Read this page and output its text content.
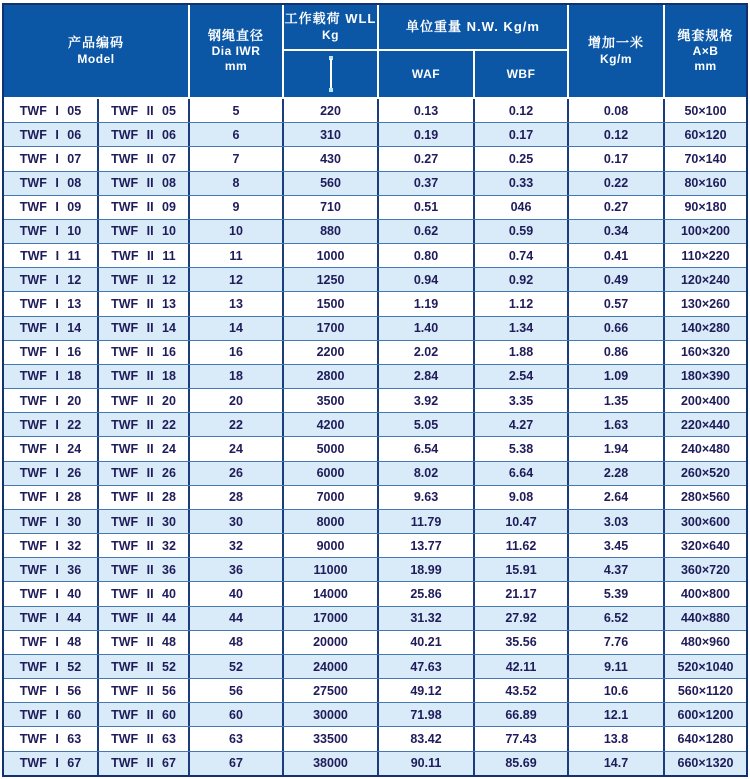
产品编码
Model
钢绳直径
Dia IWR
mm
工作载荷 WLL
Kg
单位重量 N.W. Kg/m
WAF	WBF
增加一米
Kg/m
绳套规格
A×B
mm
TWF I 05	TWF II 05	5	220	0.13	0.12	0.08	50×100
TWF I 06	TWF II 06	6	310	0.19	0.17	0.12	60×120
TWF I 07	TWF II 07	7	430	0.27	0.25	0.17	70×140
TWF I 08	TWF II 08	8	560	0.37	0.33	0.22	80×160
TWF I 09	TWF II 09	9	710	0.51	046	0.27	90×180
TWF I 10	TWF II 10	10	880	0.62	0.59	0.34	100×200
TWF I 11	TWF II 11	11	1000	0.80	0.74	0.41	110×220
TWF I 12	TWF II 12	12	1250	0.94	0.92	0.49	120×240
TWF I 13	TWF II 13	13	1500	1.19	1.12	0.57	130×260
TWF I 14	TWF II 14	14	1700	1.40	1.34	0.66	140×280
TWF I 16	TWF II 16	16	2200	2.02	1.88	0.86	160×320
TWF I 18	TWF II 18	18	2800	2.84	2.54	1.09	180×390
TWF I 20	TWF II 20	20	3500	3.92	3.35	1.35	200×400
TWF I 22	TWF II 22	22	4200	5.05	4.27	1.63	220×440
TWF I 24	TWF II 24	24	5000	6.54	5.38	1.94	240×480
TWF I 26	TWF II 26	26	6000	8.02	6.64	2.28	260×520
TWF I 28	TWF II 28	28	7000	9.63	9.08	2.64	280×560
TWF I 30	TWF II 30	30	8000	11.79	10.47	3.03	300×600
TWF I 32	TWF II 32	32	9000	13.77	11.62	3.45	320×640
TWF I 36	TWF II 36	36	11000	18.99	15.91	4.37	360×720
TWF I 40	TWF II 40	40	14000	25.86	21.17	5.39	400×800
TWF I 44	TWF II 44	44	17000	31.32	27.92	6.52	440×880
TWF I 48	TWF II 48	48	20000	40.21	35.56	7.76	480×960
TWF I 52	TWF II 52	52	24000	47.63	42.11	9.11	520×1040
TWF I 56	TWF II 56	56	27500	49.12	43.52	10.6	560×1120
TWF I 60	TWF II 60	60	30000	71.98	66.89	12.1	600×1200
TWF I 63	TWF II 63	63	33500	83.42	77.43	13.8	640×1280
TWF I 67	TWF II 67	67	38000	90.11	85.69	14.7	660×1320
